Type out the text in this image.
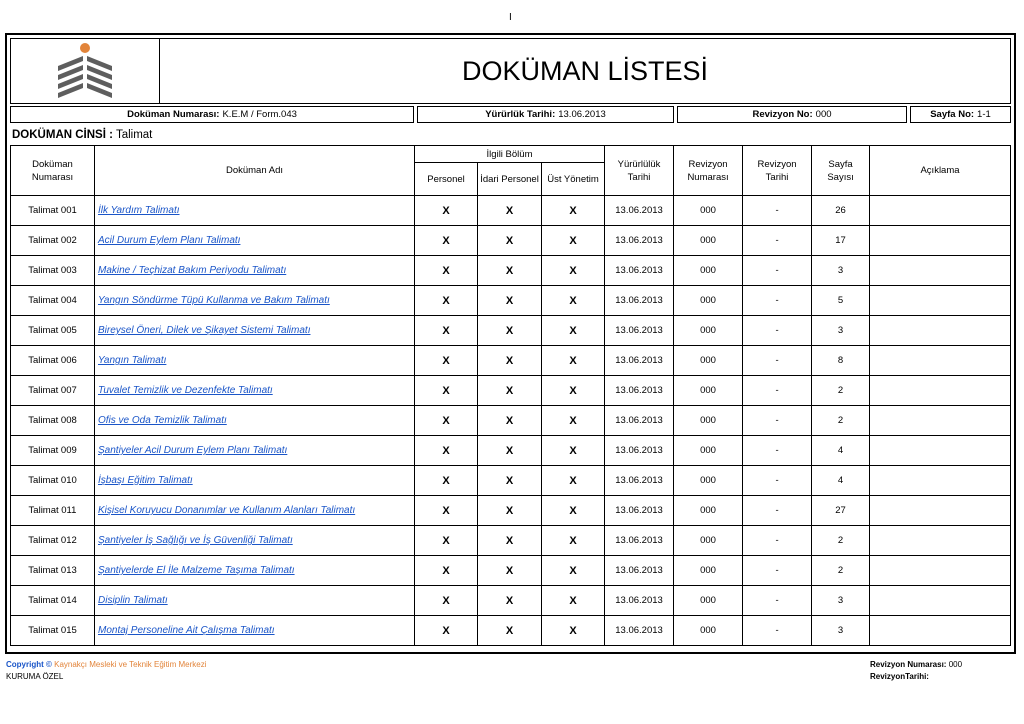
I
DOKÜMAN LİSTESİ
Doküman Numarası: K.E.M / Form.043	Yürürlük Tarihi: 13.06.2013	Revizyon No: 000	Sayfa No: 1-1
DOKÜMAN CİNSİ : Talimat
Doküman Numarası	Doküman Adı	İlgili Bölüm			Yürürlülük Tarihi	Revizyon Numarası	Revizyon Tarihi	Sayfa Sayısı	Açıklama
		Personel	İdari Personel	Üst Yönetim					
Talimat 001	İlk Yardım Talimatı	X	X	X	13.06.2013	000	-	26	
Talimat 002	Acil Durum Eylem Planı Talimatı	X	X	X	13.06.2013	000	-	17	
Talimat 003	Makine / Teçhizat Bakım Periyodu Talimatı	X	X	X	13.06.2013	000	-	3	
Talimat 004	Yangın Söndürme Tüpü Kullanma ve Bakım Talimatı	X	X	X	13.06.2013	000	-	5	
Talimat 005	Bireysel Öneri, Dilek ve Şikayet Sistemi Talimatı	X	X	X	13.06.2013	000	-	3	
Talimat 006	Yangın Talimatı	X	X	X	13.06.2013	000	-	8	
Talimat 007	Tuvalet Temizlik ve Dezenfekte Talimatı	X	X	X	13.06.2013	000	-	2	
Talimat 008	Ofis ve Oda Temizlik Talimatı	X	X	X	13.06.2013	000	-	2	
Talimat 009	Şantiyeler Acil Durum Eylem Planı Talimatı	X	X	X	13.06.2013	000	-	4	
Talimat 010	İşbaşı Eğitim Talimatı	X	X	X	13.06.2013	000	-	4	
Talimat 011	Kişisel Koruyucu Donanımlar ve Kullanım Alanları Talimatı	X	X	X	13.06.2013	000	-	27	
Talimat 012	Şantiyeler İş Sağlığı ve İş Güvenliği Talimatı	X	X	X	13.06.2013	000	-	2	
Talimat 013	Şantiyelerde El İle Malzeme Taşıma Talimatı	X	X	X	13.06.2013	000	-	2	
Talimat 014	Disiplin Talimatı	X	X	X	13.06.2013	000	-	3	
Talimat 015	Montaj Personeline Ait Çalışma Talimatı	X	X	X	13.06.2013	000	-	3	
Copyright © Kaynakçı Mesleki ve Teknik Eğitim Merkezi
KURUMA ÖZEL
Revizyon Numarası: 000
RevizyonTarihi:
